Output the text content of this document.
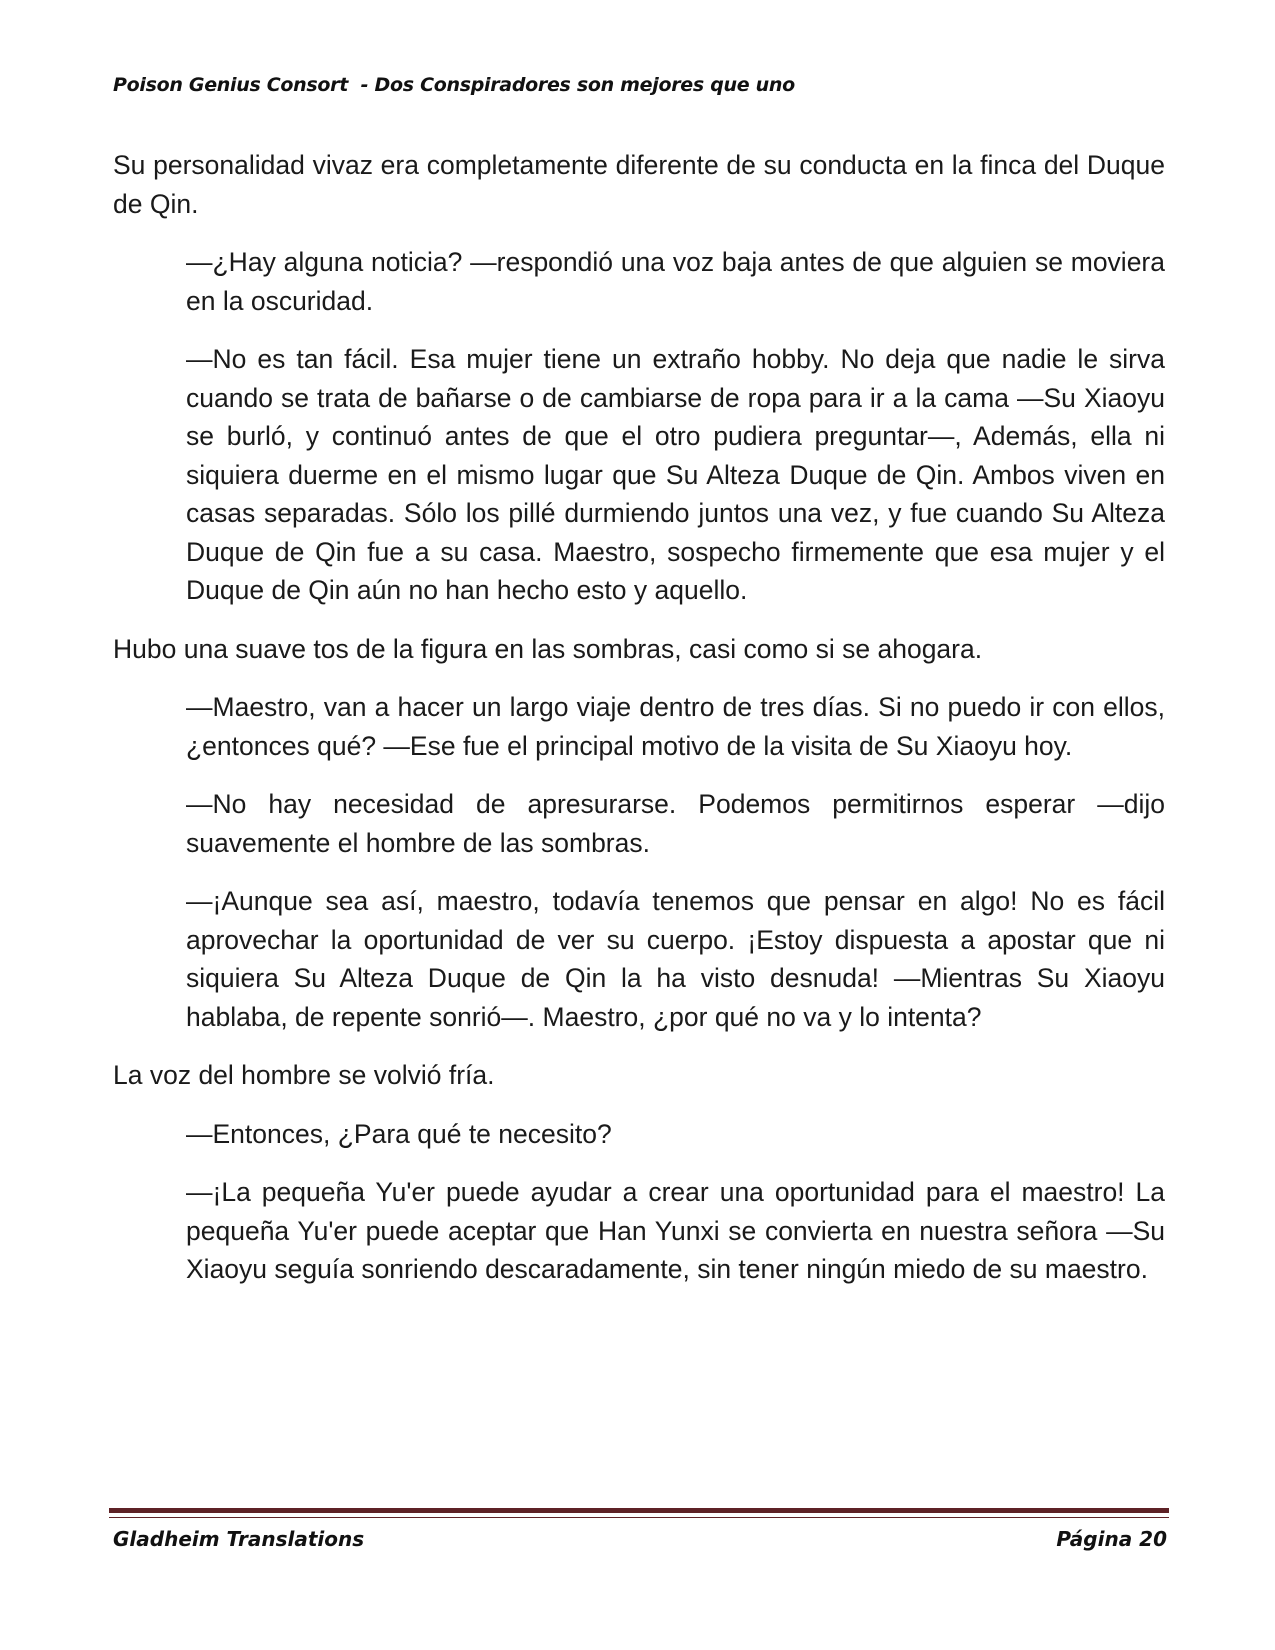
Poison Genius Consort  - Dos Conspiradores son mejores que uno

Su personalidad vivaz era completamente diferente de su conducta en la finca del Duque de Qin.

—¿Hay alguna noticia? —respondió una voz baja antes de que alguien se moviera en la oscuridad.

—No es tan fácil. Esa mujer tiene un extraño hobby. No deja que nadie le sirva cuando se trata de bañarse o de cambiarse de ropa para ir a la cama —Su Xiaoyu se burló, y continuó antes de que el otro pudiera preguntar—, Además, ella ni siquiera duerme en el mismo lugar que Su Alteza Duque de Qin. Ambos viven en casas separadas. Sólo los pillé durmiendo juntos una vez, y fue cuando Su Alteza Duque de Qin fue a su casa. Maestro, sospecho firmemente que esa mujer y el Duque de Qin aún no han hecho esto y aquello.

Hubo una suave tos de la figura en las sombras, casi como si se ahogara.

—Maestro, van a hacer un largo viaje dentro de tres días. Si no puedo ir con ellos, ¿entonces qué? —Ese fue el principal motivo de la visita de Su Xiaoyu hoy.

—No hay necesidad de apresurarse. Podemos permitirnos esperar —dijo suavemente el hombre de las sombras.

—¡Aunque sea así, maestro, todavía tenemos que pensar en algo! No es fácil aprovechar la oportunidad de ver su cuerpo. ¡Estoy dispuesta a apostar que ni siquiera Su Alteza Duque de Qin la ha visto desnuda! —Mientras Su Xiaoyu hablaba, de repente sonrió—. Maestro, ¿por qué no va y lo intenta?

La voz del hombre se volvió fría.

—Entonces, ¿Para qué te necesito?

—¡La pequeña Yu'er puede ayudar a crear una oportunidad para el maestro! La pequeña Yu'er puede aceptar que Han Yunxi se convierta en nuestra señora —Su Xiaoyu seguía sonriendo descaradamente, sin tener ningún miedo de su maestro.

Gladheim Translations	Página 20
